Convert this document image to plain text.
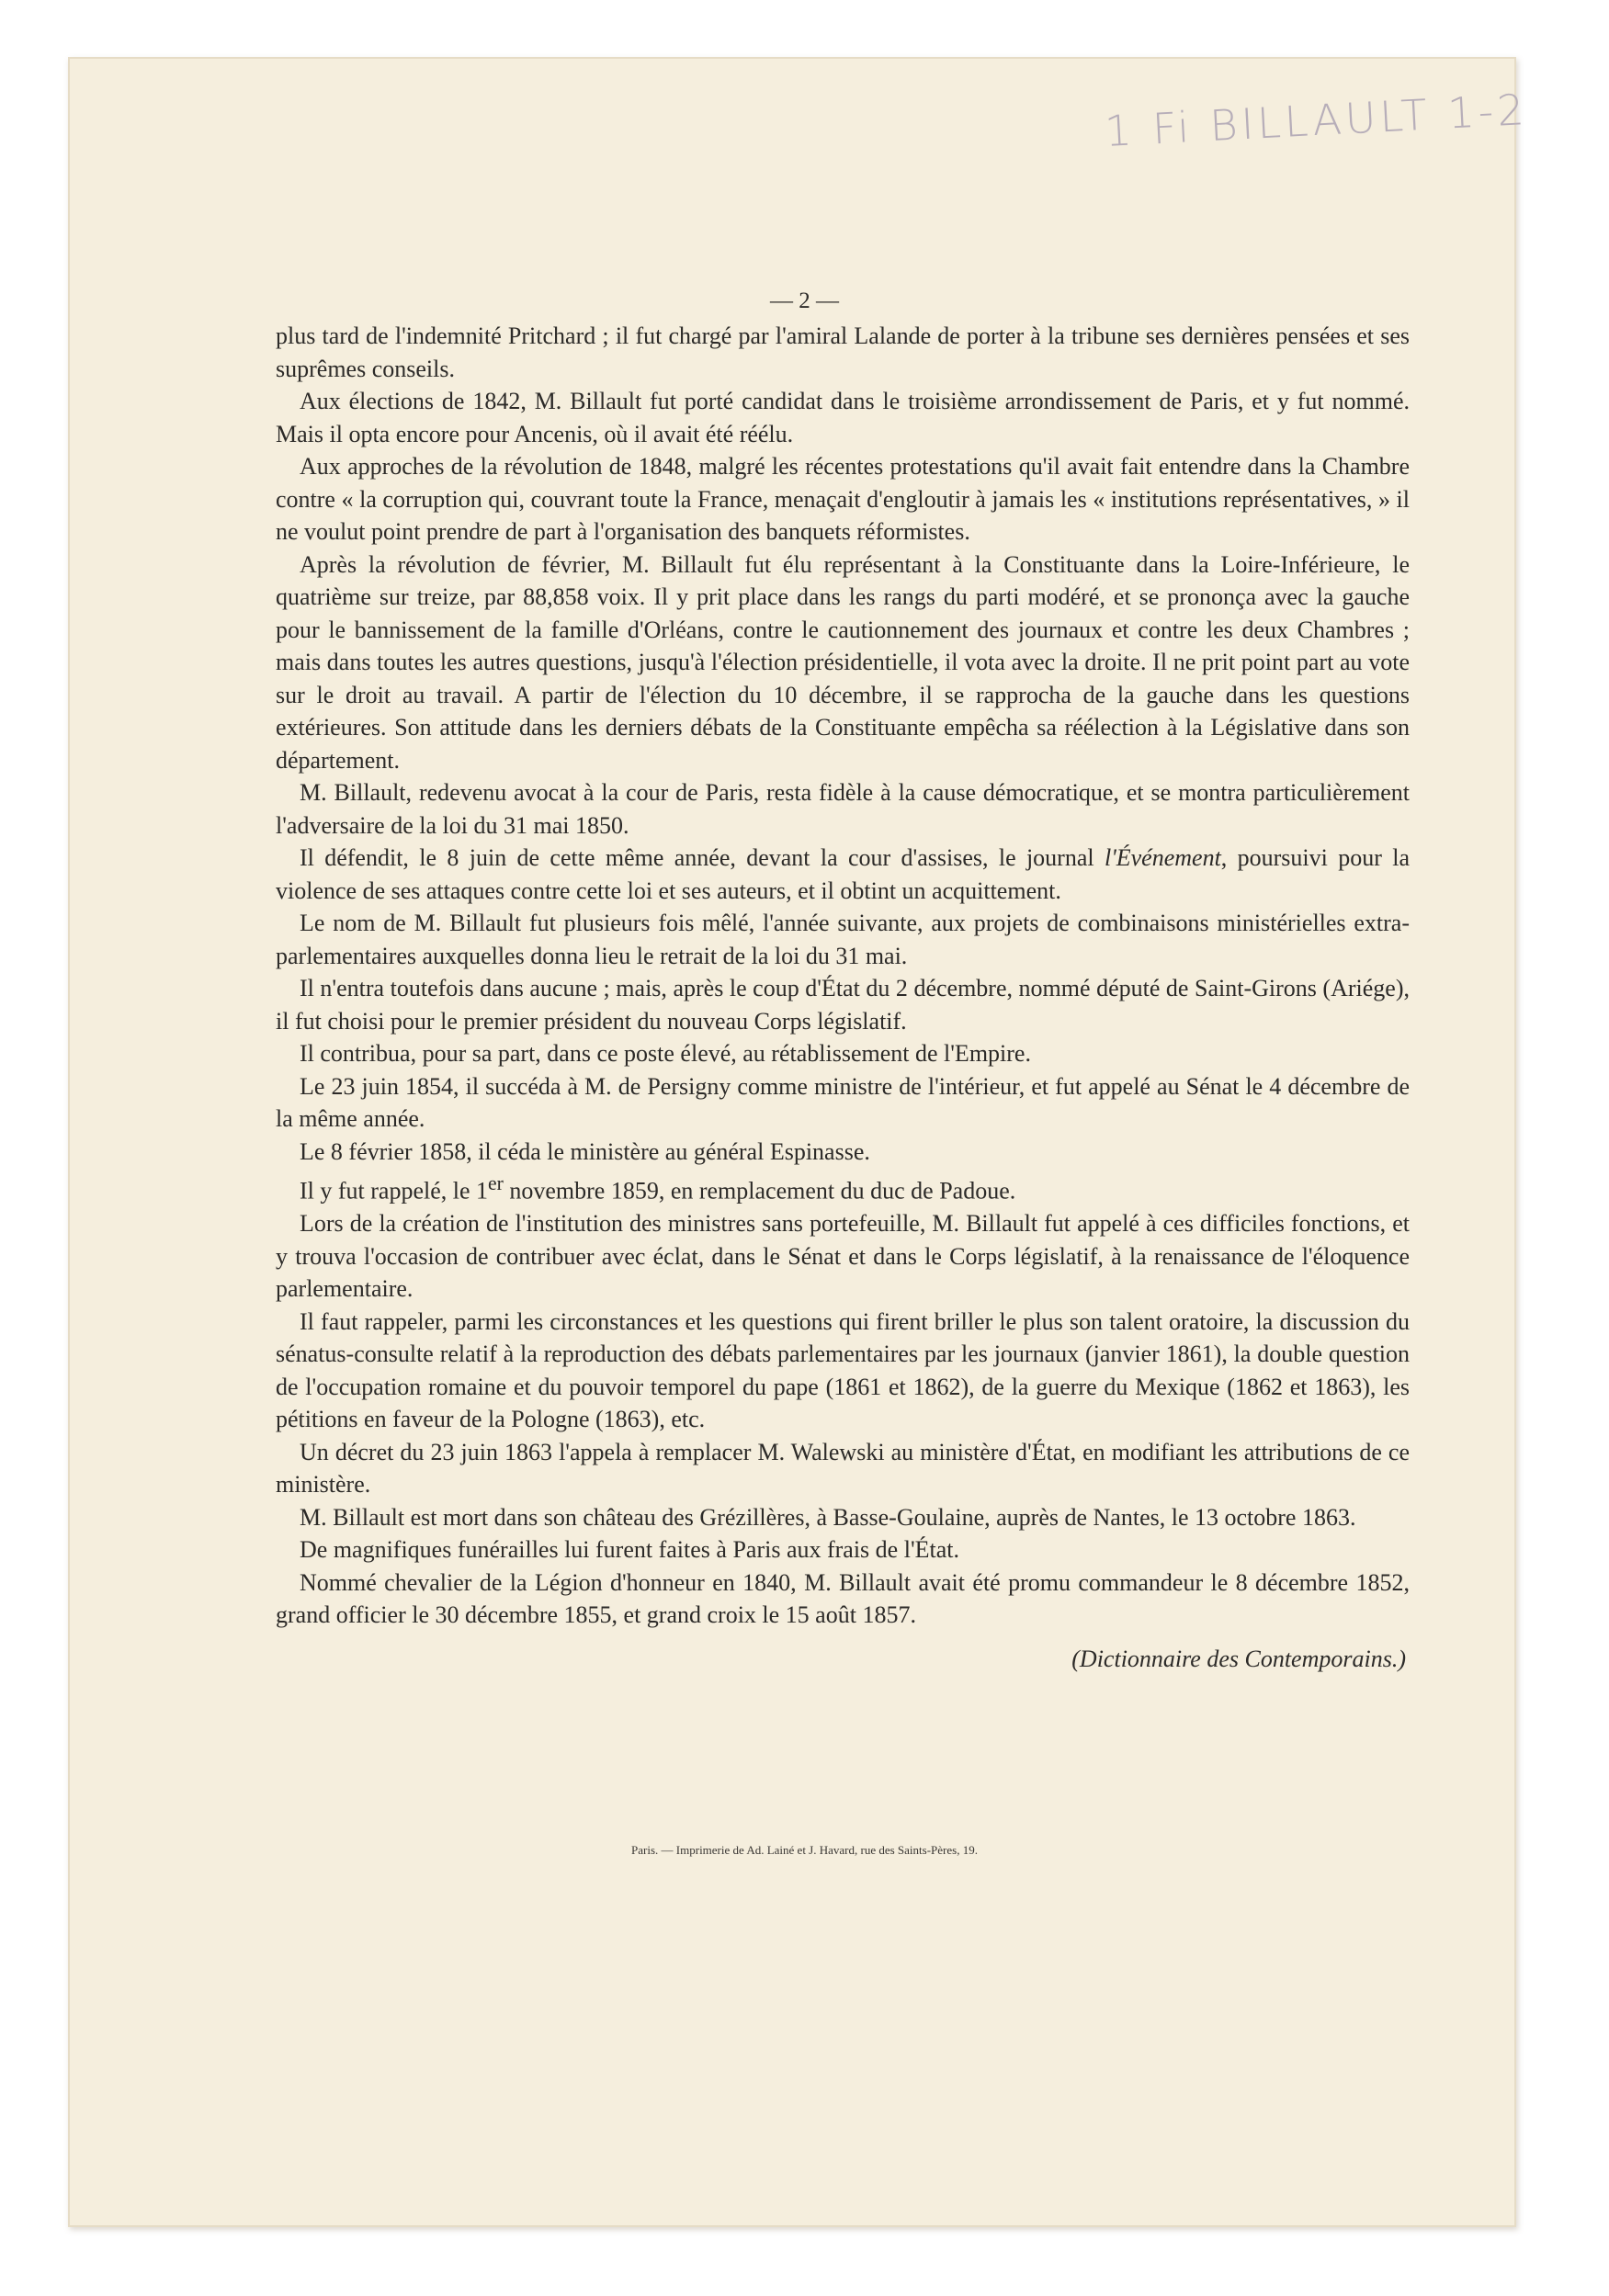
1 Fi BILLAULT 1-2
— 2 —

plus tard de l'indemnité Pritchard ; il fut chargé par l'amiral Lalande de porter à la tribune ses dernières pensées et ses suprêmes conseils.

Aux élections de 1842, M. Billault fut porté candidat dans le troisième arrondissement de Paris, et y fut nommé. Mais il opta encore pour Ancenis, où il avait été réélu.

Aux approches de la révolution de 1848, malgré les récentes protestations qu'il avait fait entendre dans la Chambre contre « la corruption qui, couvrant toute la France, menaçait d'engloutir à jamais les « institutions représentatives, » il ne voulut point prendre de part à l'organisation des banquets réformistes.

Après la révolution de février, M. Billault fut élu représentant à la Constituante dans la Loire-Inférieure, le quatrième sur treize, par 88,858 voix. Il y prit place dans les rangs du parti modéré, et se prononça avec la gauche pour le bannissement de la famille d'Orléans, contre le cautionnement des journaux et contre les deux Chambres ; mais dans toutes les autres questions, jusqu'à l'élection présidentielle, il vota avec la droite. Il ne prit point part au vote sur le droit au travail. A partir de l'élection du 10 décembre, il se rapprocha de la gauche dans les questions extérieures. Son attitude dans les derniers débats de la Constituante empêcha sa réélection à la Législative dans son département.

M. Billault, redevenu avocat à la cour de Paris, resta fidèle à la cause démocratique, et se montra particulièrement l'adversaire de la loi du 31 mai 1850.

Il défendit, le 8 juin de cette même année, devant la cour d'assises, le journal l'Événement, poursuivi pour la violence de ses attaques contre cette loi et ses auteurs, et il obtint un acquittement.

Le nom de M. Billault fut plusieurs fois mêlé, l'année suivante, aux projets de combinaisons ministérielles extra-parlementaires auxquelles donna lieu le retrait de la loi du 31 mai.

Il n'entra toutefois dans aucune ; mais, après le coup d'État du 2 décembre, nommé député de Saint-Girons (Ariége), il fut choisi pour le premier président du nouveau Corps législatif.

Il contribua, pour sa part, dans ce poste élevé, au rétablissement de l'Empire.

Le 23 juin 1854, il succéda à M. de Persigny comme ministre de l'intérieur, et fut appelé au Sénat le 4 décembre de la même année.

Le 8 février 1858, il céda le ministère au général Espinasse.

Il y fut rappelé, le 1er novembre 1859, en remplacement du duc de Padoue.

Lors de la création de l'institution des ministres sans portefeuille, M. Billault fut appelé à ces difficiles fonctions, et y trouva l'occasion de contribuer avec éclat, dans le Sénat et dans le Corps législatif, à la renaissance de l'éloquence parlementaire.

Il faut rappeler, parmi les circonstances et les questions qui firent briller le plus son talent oratoire, la discussion du sénatus-consulte relatif à la reproduction des débats parlementaires par les journaux (janvier 1861), la double question de l'occupation romaine et du pouvoir temporel du pape (1861 et 1862), de la guerre du Mexique (1862 et 1863), les pétitions en faveur de la Pologne (1863), etc.

Un décret du 23 juin 1863 l'appela à remplacer M. Walewski au ministère d'État, en modifiant les attributions de ce ministère.

M. Billault est mort dans son château des Grézillères, à Basse-Goulaine, auprès de Nantes, le 13 octobre 1863.

De magnifiques funérailles lui furent faites à Paris aux frais de l'État.

Nommé chevalier de la Légion d'honneur en 1840, M. Billault avait été promu commandeur le 8 décembre 1852, grand officier le 30 décembre 1855, et grand croix le 15 août 1857.

(Dictionnaire des Contemporains.)

Paris. — Imprimerie de Ad. Lainé et J. Havard, rue des Saints-Pères, 19.
